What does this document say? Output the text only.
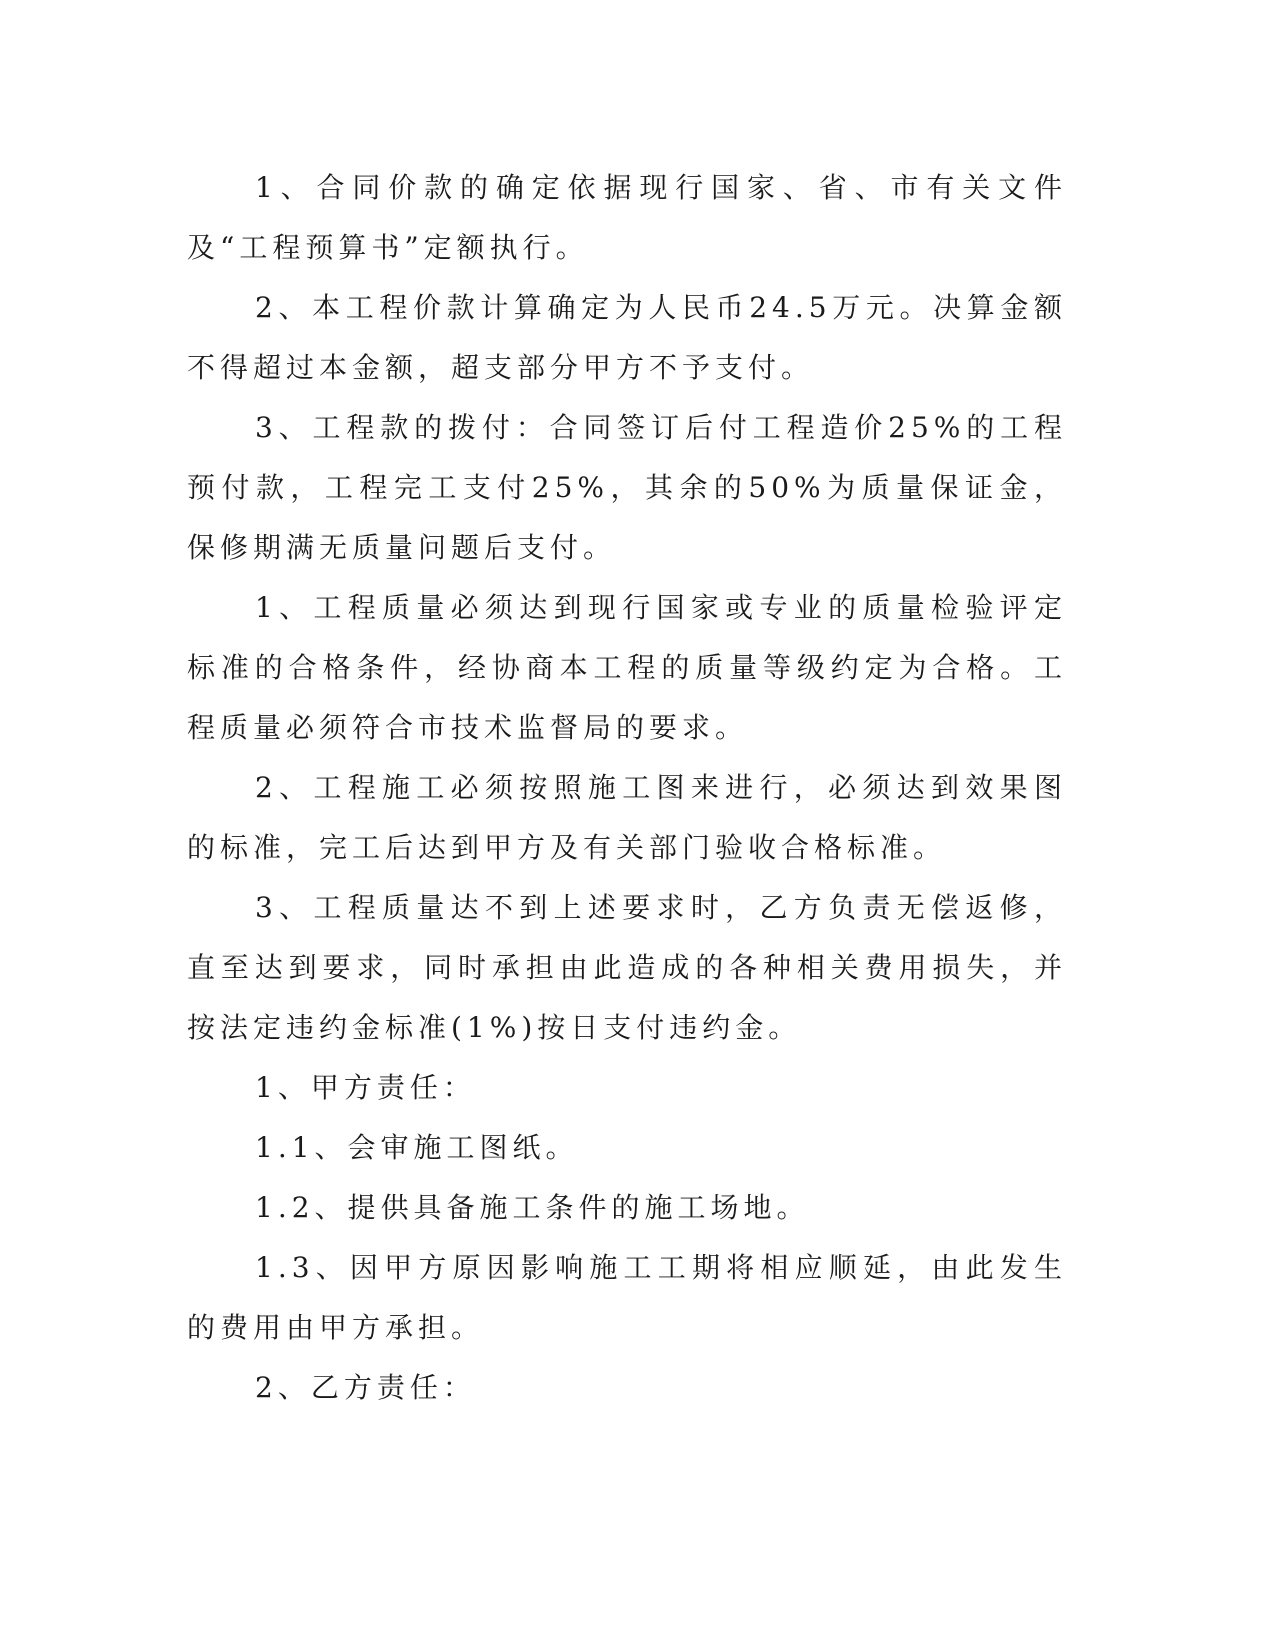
1、合同价款的确定依据现行国家、省、市有关文件及“工程预算书”定额执行。

2、本工程价款计算确定为人民币24.5万元。决算金额不得超过本金额，超支部分甲方不予支付。

3、工程款的拨付：合同签订后付工程造价25%的工程预付款，工程完工支付25%，其余的50%为质量保证金，保修期满无质量问题后支付。

1、工程质量必须达到现行国家或专业的质量检验评定标准的合格条件，经协商本工程的质量等级约定为合格。工程质量必须符合市技术监督局的要求。

2、工程施工必须按照施工图来进行，必须达到效果图的标准，完工后达到甲方及有关部门验收合格标准。

3、工程质量达不到上述要求时，乙方负责无偿返修，直至达到要求，同时承担由此造成的各种相关费用损失，并按法定违约金标准(1%)按日支付违约金。

1、甲方责任：

1.1、会审施工图纸。

1.2、提供具备施工条件的施工场地。

1.3、因甲方原因影响施工工期将相应顺延，由此发生的费用由甲方承担。

2、乙方责任：
